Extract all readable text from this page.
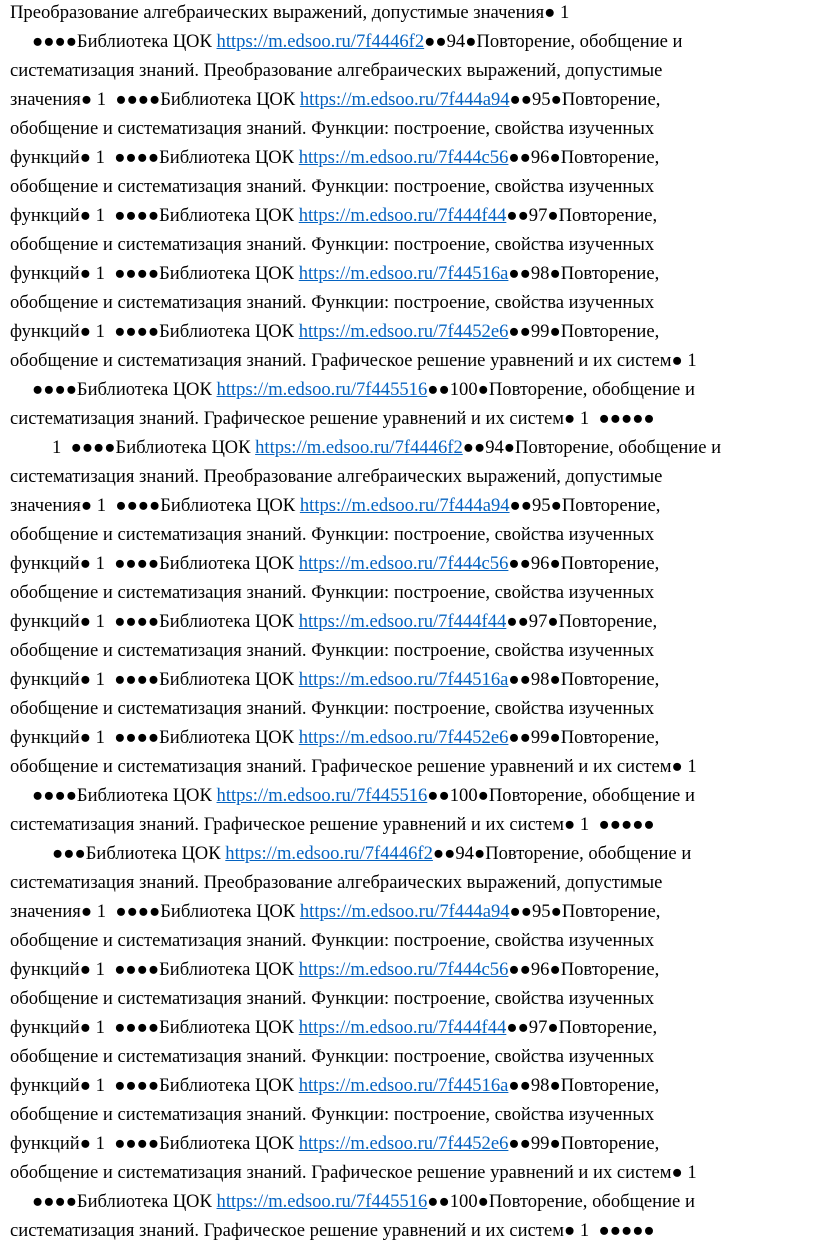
Преобразование алгебраических выражений, допустимые значения● 1
●●●●Библиотека ЦОК https://m.edsoo.ru/7f4446f2●●94●Повторение, обобщение и
систематизация знаний. Преобразование алгебраических выражений, допустимые
значения● 1  ●●●●Библиотека ЦОК https://m.edsoo.ru/7f444a94●●95●Повторение,
обобщение и систематизация знаний. Функции: построение, свойства изученных
функций● 1  ●●●●Библиотека ЦОК https://m.edsoo.ru/7f444c56●●96●Повторение,
обобщение и систематизация знаний. Функции: построение, свойства изученных
функций● 1  ●●●●Библиотека ЦОК https://m.edsoo.ru/7f444f44●●97●Повторение,
обобщение и систематизация знаний. Функции: построение, свойства изученных
функций● 1  ●●●●Библиотека ЦОК https://m.edsoo.ru/7f44516a●●98●Повторение,
обобщение и систематизация знаний. Функции: построение, свойства изученных
функций● 1  ●●●●Библиотека ЦОК https://m.edsoo.ru/7f4452e6●●99●Повторение,
обобщение и систематизация знаний. Графическое решение уравнений и их систем● 1
●●●●Библиотека ЦОК https://m.edsoo.ru/7f445516●●100●Повторение, обобщение и
систематизация знаний. Графическое решение уравнений и их систем● 1  ●●●●●
1  ●●●●Библиотека ЦОК https://m.edsoo.ru/7f4446f2●●94●Повторение, обобщение и
систематизация знаний. Преобразование алгебраических выражений, допустимые
значения● 1  ●●●●Библиотека ЦОК https://m.edsoo.ru/7f444a94●●95●Повторение,
обобщение и систематизация знаний. Функции: построение, свойства изученных
функций● 1  ●●●●Библиотека ЦОК https://m.edsoo.ru/7f444c56●●96●Повторение,
обобщение и систематизация знаний. Функции: построение, свойства изученных
функций● 1  ●●●●Библиотека ЦОК https://m.edsoo.ru/7f444f44●●97●Повторение,
обобщение и систематизация знаний. Функции: построение, свойства изученных
функций● 1  ●●●●Библиотека ЦОК https://m.edsoo.ru/7f44516a●●98●Повторение,
обобщение и систематизация знаний. Функции: построение, свойства изученных
функций● 1  ●●●●Библиотека ЦОК https://m.edsoo.ru/7f4452e6●●99●Повторение,
обобщение и систематизация знаний. Графическое решение уравнений и их систем● 1
●●●●Библиотека ЦОК https://m.edsoo.ru/7f445516●●100●Повторение, обобщение и
систематизация знаний. Графическое решение уравнений и их систем● 1  ●●●●●
●●●Библиотека ЦОК https://m.edsoo.ru/7f4446f2●●94●Повторение, обобщение и
систематизация знаний. Преобразование алгебраических выражений, допустимые
значения● 1  ●●●●Библиотека ЦОК https://m.edsoo.ru/7f444a94●●95●Повторение,
обобщение и систематизация знаний. Функции: построение, свойства изученных
функций● 1  ●●●●Библиотека ЦОК https://m.edsoo.ru/7f444c56●●96●Повторение,
обобщение и систематизация знаний. Функции: построение, свойства изученных
функций● 1  ●●●●Библиотека ЦОК https://m.edsoo.ru/7f444f44●●97●Повторение,
обобщение и систематизация знаний. Функции: построение, свойства изученных
функций● 1  ●●●●Библиотека ЦОК https://m.edsoo.ru/7f44516a●●98●Повторение,
обобщение и систематизация знаний. Функции: построение, свойства изученных
функций● 1  ●●●●Библиотека ЦОК https://m.edsoo.ru/7f4452e6●●99●Повторение,
обобщение и систематизация знаний. Графическое решение уравнений и их систем● 1
●●●●Библиотека ЦОК https://m.edsoo.ru/7f445516●●100●Повторение, обобщение и
систематизация знаний. Графическое решение уравнений и их систем● 1  ●●●●●
